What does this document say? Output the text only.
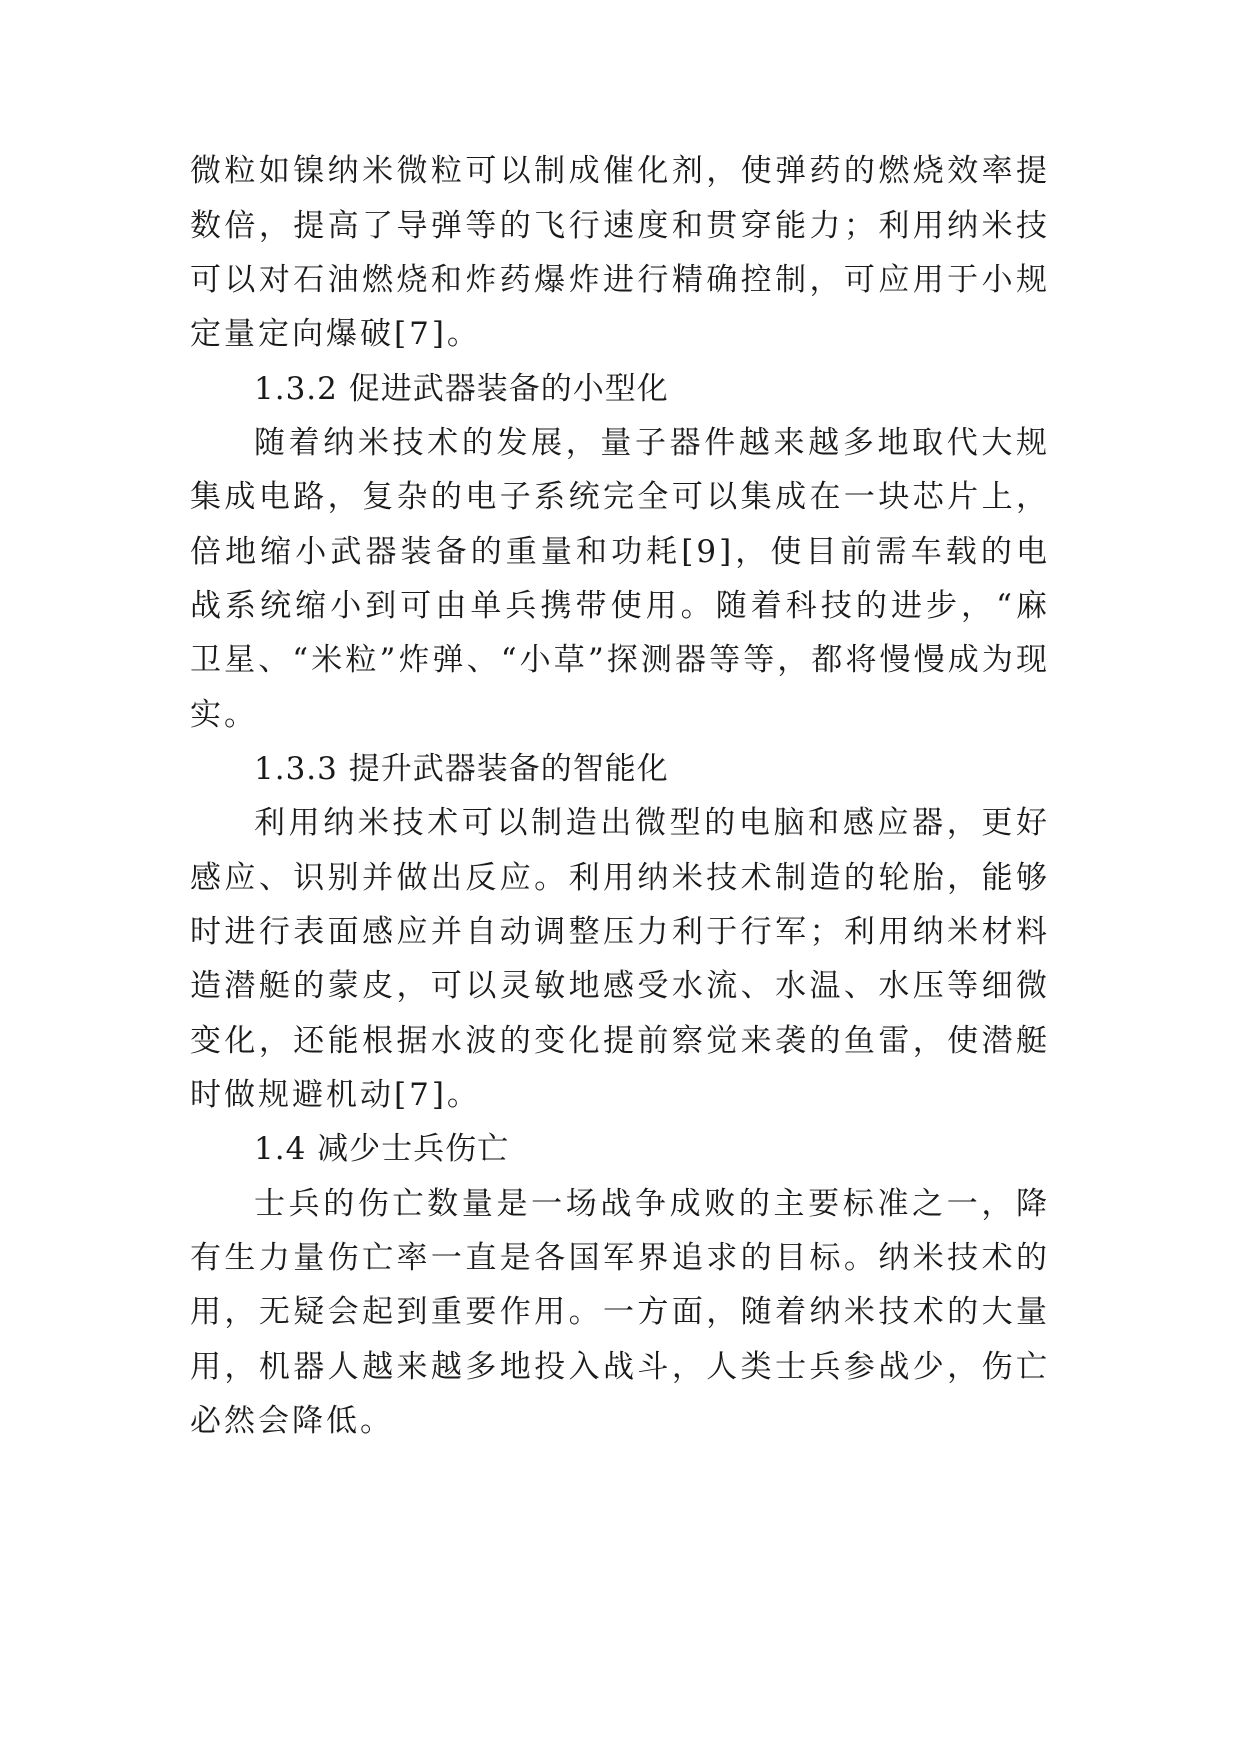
微粒如镍纳米微粒可以制成催化剂，使弹药的燃烧效率提

数倍，提高了导弹等的飞行速度和贯穿能力；利用纳米技

可以对石油燃烧和炸药爆炸进行精确控制，可应用于小规

定量定向爆破[7]。

1.3.2 促进武器装备的小型化

随着纳米技术的发展，量子器件越来越多地取代大规

集成电路，复杂的电子系统完全可以集成在一块芯片上，

倍地缩小武器装备的重量和功耗[9]，使目前需车载的电

战系统缩小到可由单兵携带使用。随着科技的进步，“麻

卫星、“米粒”炸弹、“小草”探测器等等，都将慢慢成为现

实。

1.3.3 提升武器装备的智能化

利用纳米技术可以制造出微型的电脑和感应器，更好

感应、识别并做出反应。利用纳米技术制造的轮胎，能够

时进行表面感应并自动调整压力利于行军；利用纳米材料

造潜艇的蒙皮，可以灵敏地感受水流、水温、水压等细微

变化，还能根据水波的变化提前察觉来袭的鱼雷，使潜艇

时做规避机动[7]。

1.4 减少士兵伤亡

士兵的伤亡数量是一场战争成败的主要标准之一，降

有生力量伤亡率一直是各国军界追求的目标。纳米技术的

用，无疑会起到重要作用。一方面，随着纳米技术的大量

用，机器人越来越多地投入战斗，人类士兵参战少，伤亡

必然会降低。
